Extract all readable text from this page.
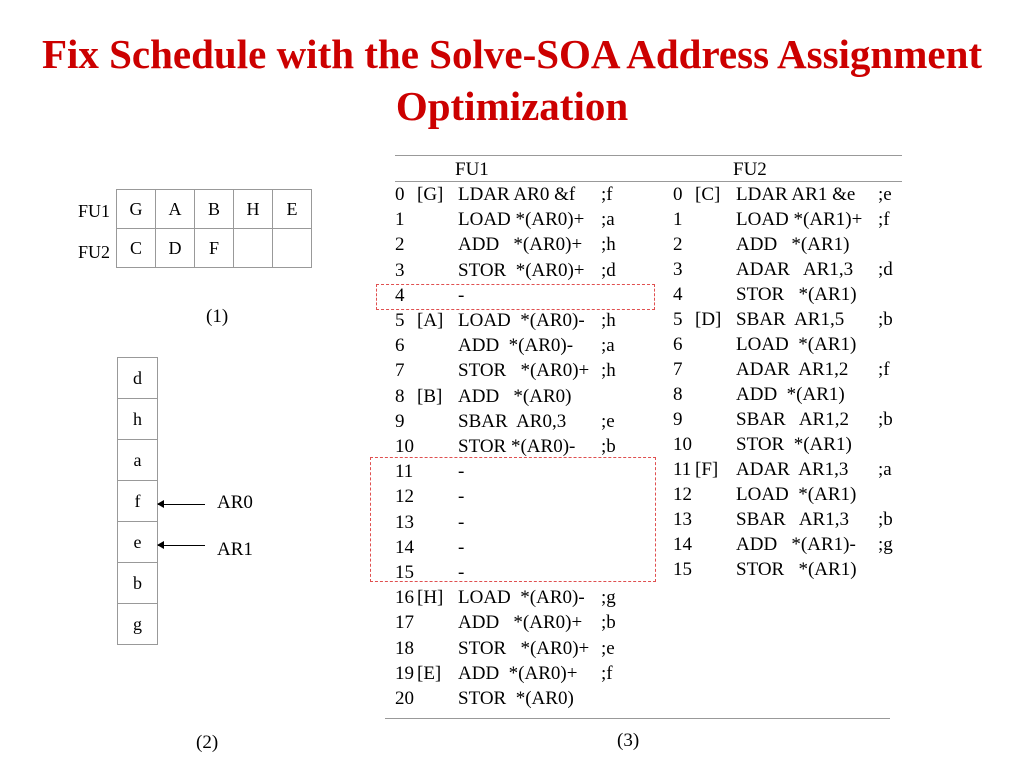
Fix Schedule with the Solve-SOA Address Assignment Optimization
FU1
FU2
G	A	B	H	E
C	D	F		
(1)
d
h
a
f
e
b
g
AR0
AR1
(2)
FU1	FU2
0 [G] LDAR AR0 &f ;f
1	LOAD *(AR0)+ ;a
2	ADD   *(AR0)+ ;h
3	STOR  *(AR0)+ ;d
4	-
5 [A] LOAD  *(AR0)- ;h
6	ADD  *(AR0)- ;a
7	STOR   *(AR0)+ ;h
8 [B] ADD   *(AR0)
9	SBAR  AR0,3 ;e
10 STOR *(AR0)- ;b
11 -
12 -
13 -
14 -
15 -
16 [H] LOAD  *(AR0)- ;g
17 ADD   *(AR0)+ ;b
18 STOR   *(AR0)+ ;e
19 [E] ADD  *(AR0)+ ;f
20 STOR  *(AR0)
0 [C] LDAR AR1 &e ;e
1	LOAD *(AR1)+ ;f
2	ADD   *(AR1)
3	ADAR   AR1,3 ;d
4	STOR   *(AR1)
5 [D] SBAR  AR1,5 ;b
6	LOAD  *(AR1)
7	ADAR  AR1,2 ;f
8	ADD  *(AR1)
9	SBAR   AR1,2 ;b
10 STOR  *(AR1)
11 [F] ADAR  AR1,3 ;a
12 LOAD  *(AR1)
13 SBAR   AR1,3 ;b
14 ADD   *(AR1)- ;g
15 STOR   *(AR1)
(3)
